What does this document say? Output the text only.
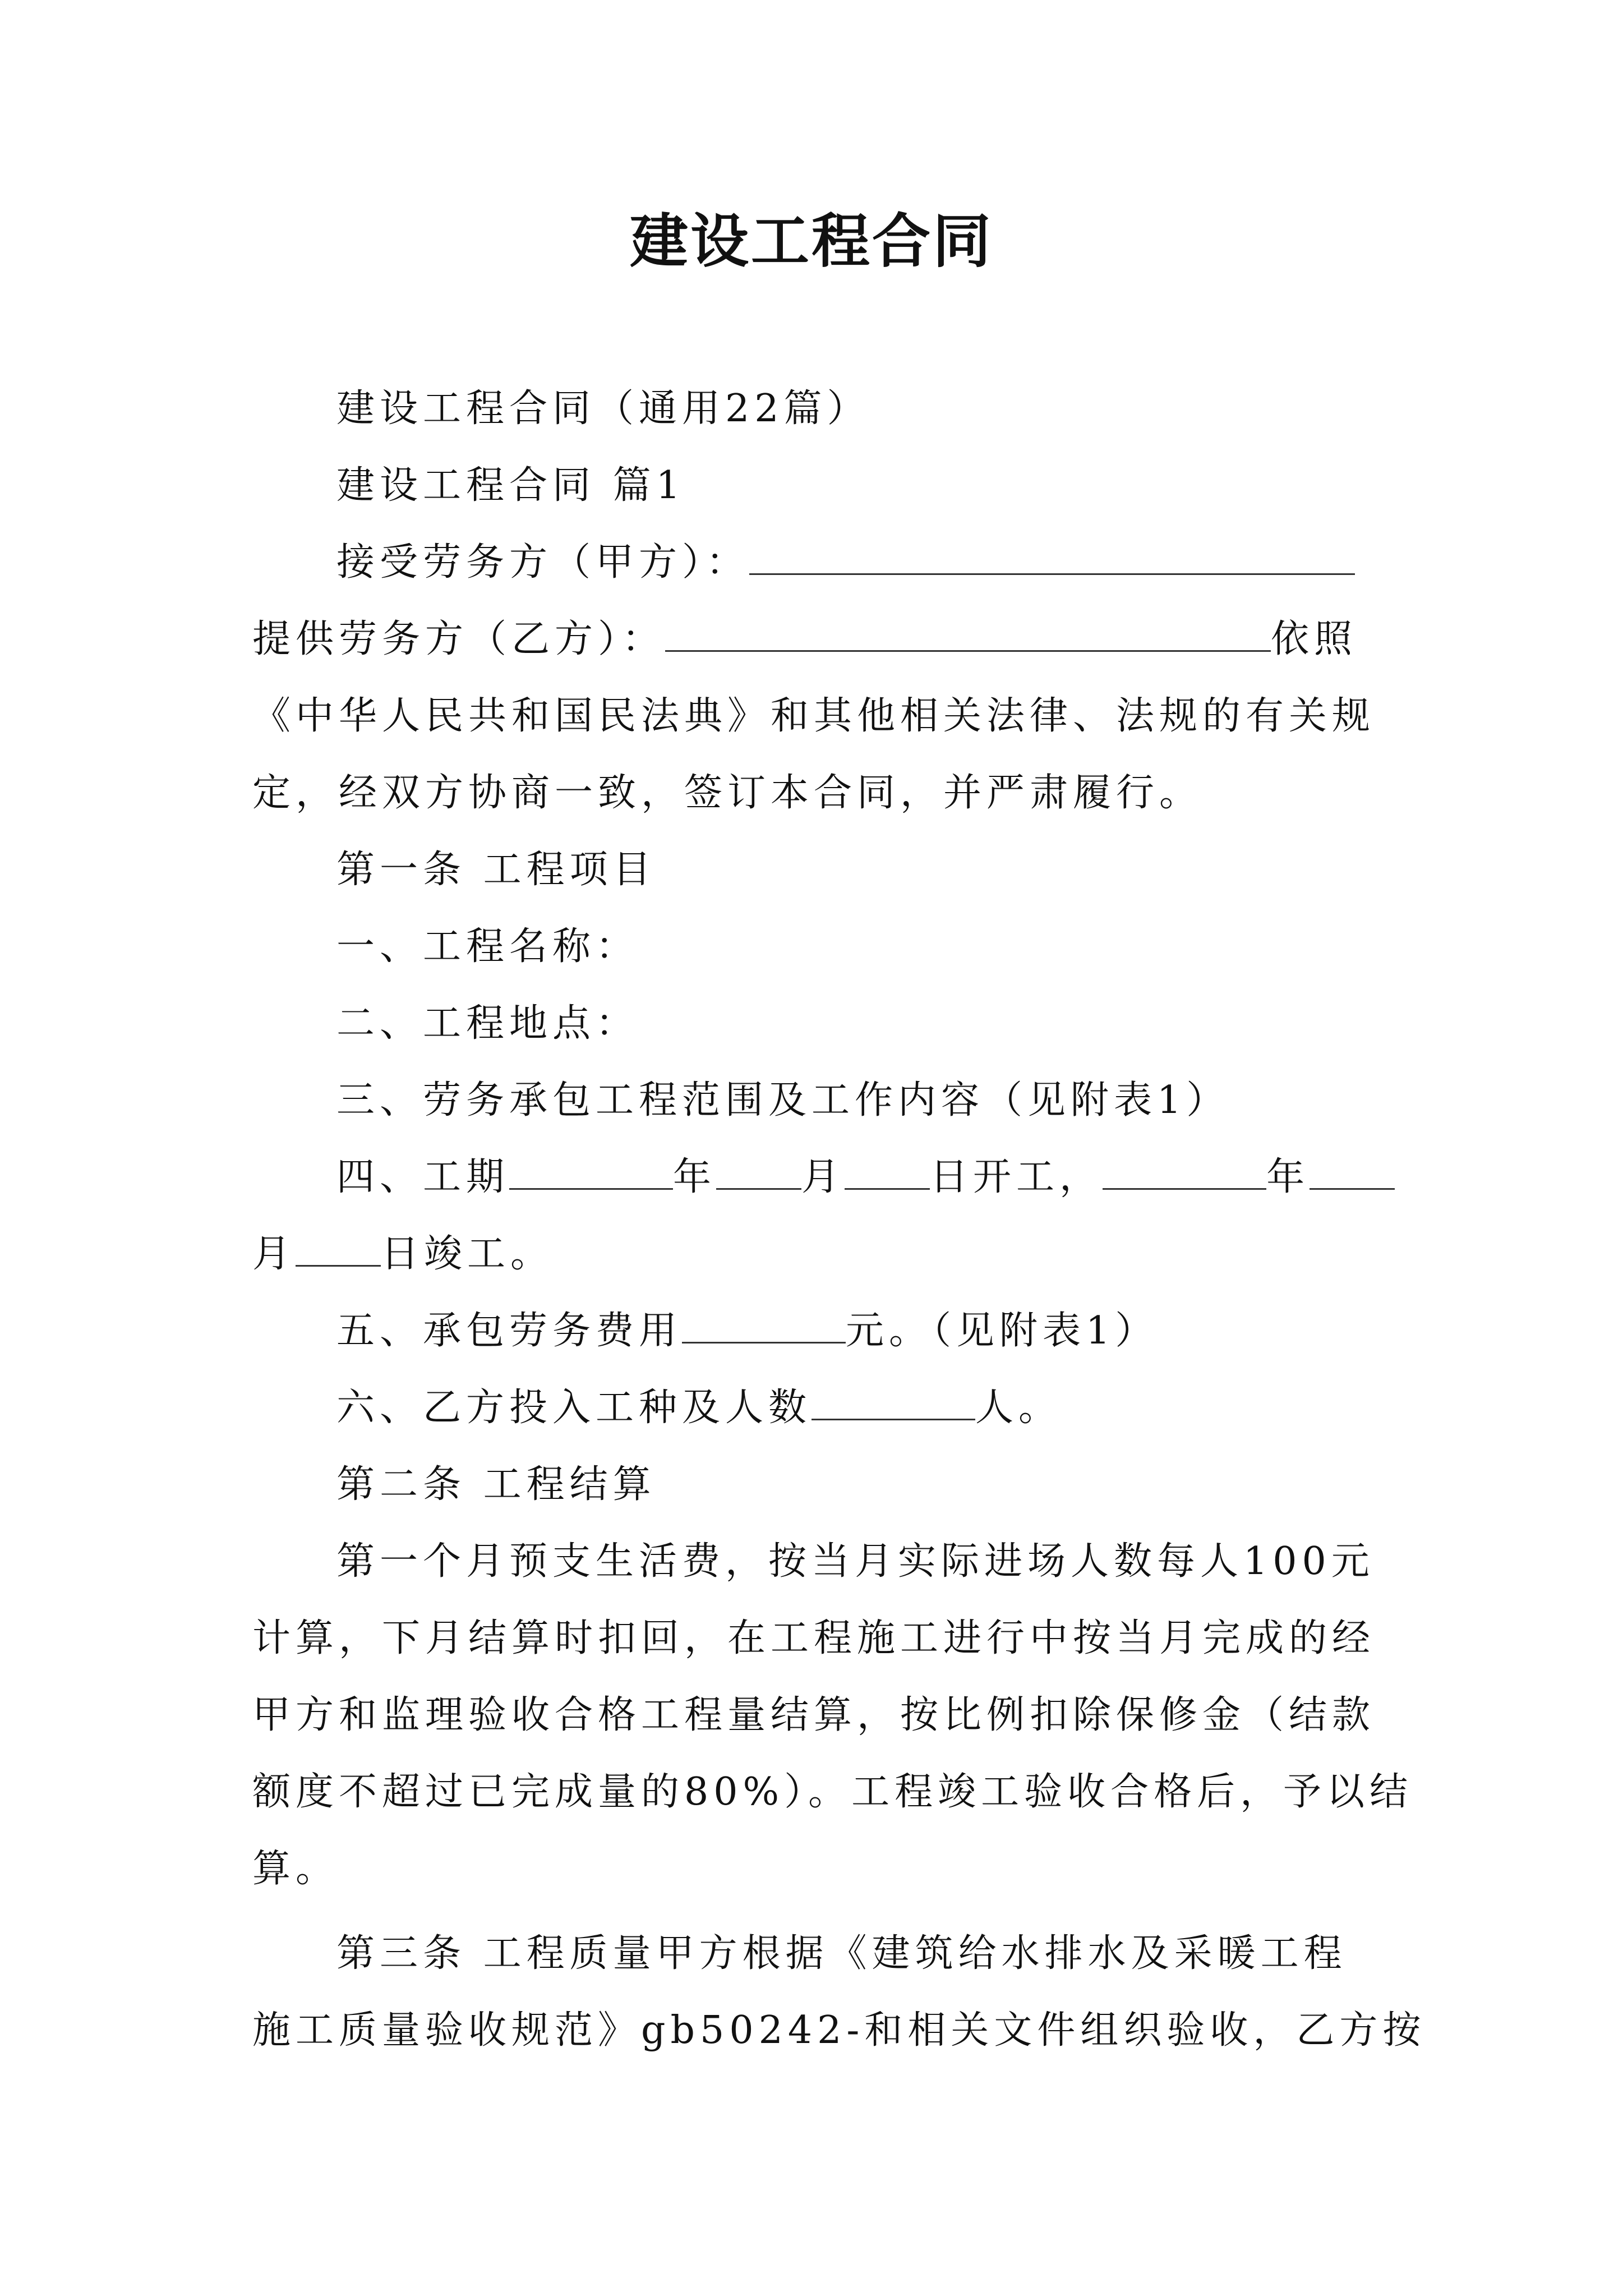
建设工程合同
建设工程合同（通用22篇）
建设工程合同 篇1
接受劳务方（甲方）：
提供劳务方（乙方）：	依照
《中华人民共和国民法典》和其他相关法律、法规的有关规
定，经双方协商一致，签订本合同，并严肃履行。
第一条 工程项目
一、工程名称：
二、工程地点：
三、劳务承包工程范围及工作内容（见附表1）
四、工期	年 月 日开工，	年
月 日竣工。
五、承包劳务费用	元。（见附表1）
六、乙方投入工种及人数	人。
第二条 工程结算
第一个月预支生活费，按当月实际进场人数每人100元
计算，下月结算时扣回，在工程施工进行中按当月完成的经
甲方和监理验收合格工程量结算，按比例扣除保修金（结款
额度不超过已完成量的80%）。工程竣工验收合格后，予以结
算。
第三条 工程质量甲方根据《建筑给水排水及采暖工程
施工质量验收规范》gb50242-和相关文件组织验收，乙方按
